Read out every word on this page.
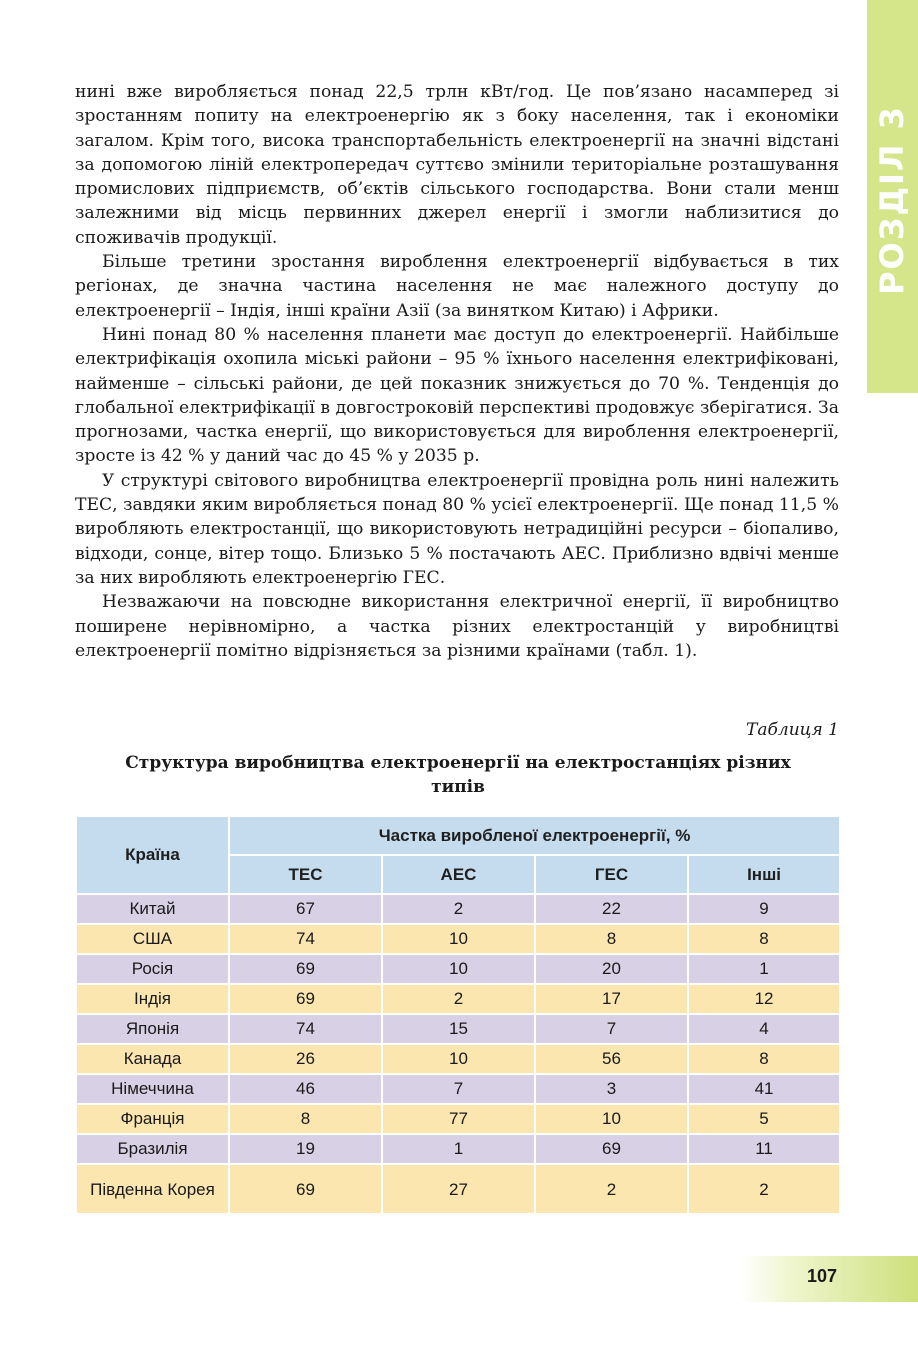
РОЗДІЛ 3

нині вже виробляється понад 22,5 трлн кВт/год. Це пов’язано насамперед зі зростанням попиту на електроенергію як з боку населення, так і економіки загалом. Крім того, висока транспортабельність електроенергії на значні відстані за допомогою ліній електропередач суттєво змінили територіальне розташування промислових підприємств, об’єктів сільського господарства. Вони стали менш залежними від місць первинних джерел енергії і змогли наблизитися до споживачів продукції.

Більше третини зростання вироблення електроенергії відбувається в тих регіонах, де значна частина населення не має належного доступу до електроенергії – Індія, інші країни Азії (за винятком Китаю) і Африки.

Нині понад 80 % населення планети має доступ до електроенергії. Найбільше електрифікація охопила міські райони – 95 % їхнього населення електрифіковані, найменше – сільські райони, де цей показник знижується до 70 %. Тенденція до глобальної електрифікації в довгостроковій перспективі продовжує зберігатися. За прогнозами, частка енергії, що використовується для вироблення електроенергії, зросте із 42 % у даний час до 45 % у 2035 р.

У структурі світового виробництва електроенергії провідна роль нині належить ТЕС, завдяки яким виробляється понад 80 % усієї електроенергії. Ще понад 11,5 % виробляють електростанції, що використовують нетрадиційні ресурси – біопаливо, відходи, сонце, вітер тощо. Близько 5 % постачають АЕС. Приблизно вдвічі менше за них виробляють електроенергію ГЕС.

Незважаючи на повсюдне використання електричної енергії, її виробництво поширене нерівномірно, а частка різних електростанцій у виробництві електроенергії помітно відрізняється за різними країнами (табл. 1).

Таблиця 1
Структура виробництва електроенергії на електростанціях різних типів
Країна	Частка виробленої електроенергії, %			
	ТЕС	АЕС	ГЕС	Інші
Китай	67	2	22	9
США	74	10	8	8
Росія	69	10	20	1
Індія	69	2	17	12
Японія	74	15	7	4
Канада	26	10	56	8
Німеччина	46	7	3	41
Франція	8	77	10	5
Бразилія	19	1	69	11
Південна Корея	69	27	2	2
107
